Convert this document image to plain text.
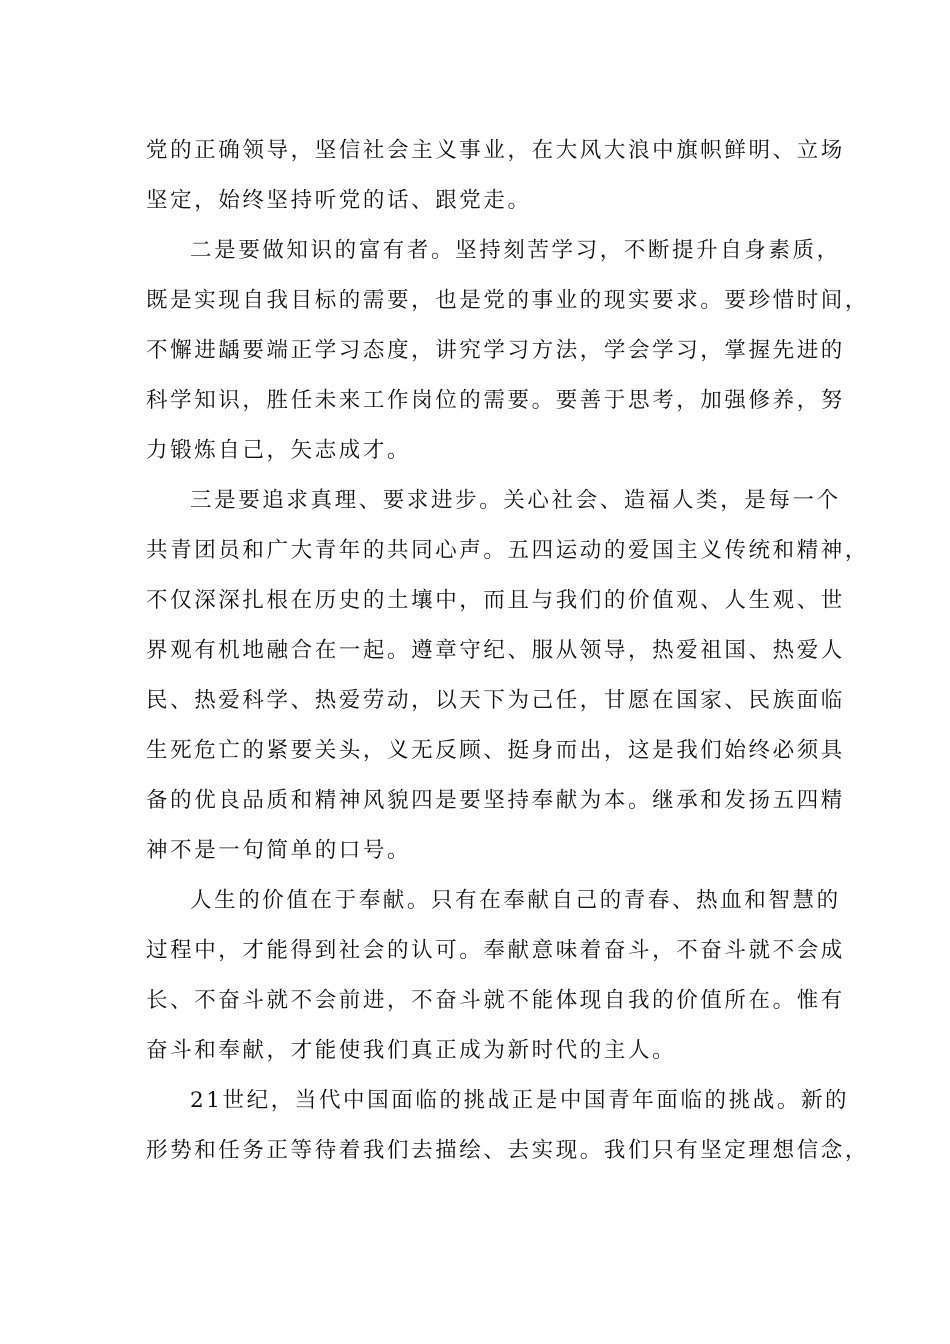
党的正确领导，坚信社会主义事业，在大风大浪中旗帜鲜明、立场
坚定，始终坚持听党的话、跟党走。
二是要做知识的富有者。坚持刻苦学习，不断提升自身素质，
既是实现自我目标的需要，也是党的事业的现实要求。要珍惜时间，
不懈进龋要端正学习态度，讲究学习方法，学会学习，掌握先进的
科学知识，胜任未来工作岗位的需要。要善于思考，加强修养，努
力锻炼自己，矢志成才。
三是要追求真理、要求进步。关心社会、造福人类，是每一个
共青团员和广大青年的共同心声。五四运动的爱国主义传统和精神，
不仅深深扎根在历史的土壤中，而且与我们的价值观、人生观、世
界观有机地融合在一起。遵章守纪、服从领导，热爱祖国、热爱人
民、热爱科学、热爱劳动，以天下为己任，甘愿在国家、民族面临
生死危亡的紧要关头，义无反顾、挺身而出，这是我们始终必须具
备的优良品质和精神风貌四是要坚持奉献为本。继承和发扬五四精
神不是一句简单的口号。
人生的价值在于奉献。只有在奉献自己的青春、热血和智慧的
过程中，才能得到社会的认可。奉献意味着奋斗，不奋斗就不会成
长、不奋斗就不会前进，不奋斗就不能体现自我的价值所在。惟有
奋斗和奉献，才能使我们真正成为新时代的主人。
21世纪，当代中国面临的挑战正是中国青年面临的挑战。新的
形势和任务正等待着我们去描绘、去实现。我们只有坚定理想信念，
